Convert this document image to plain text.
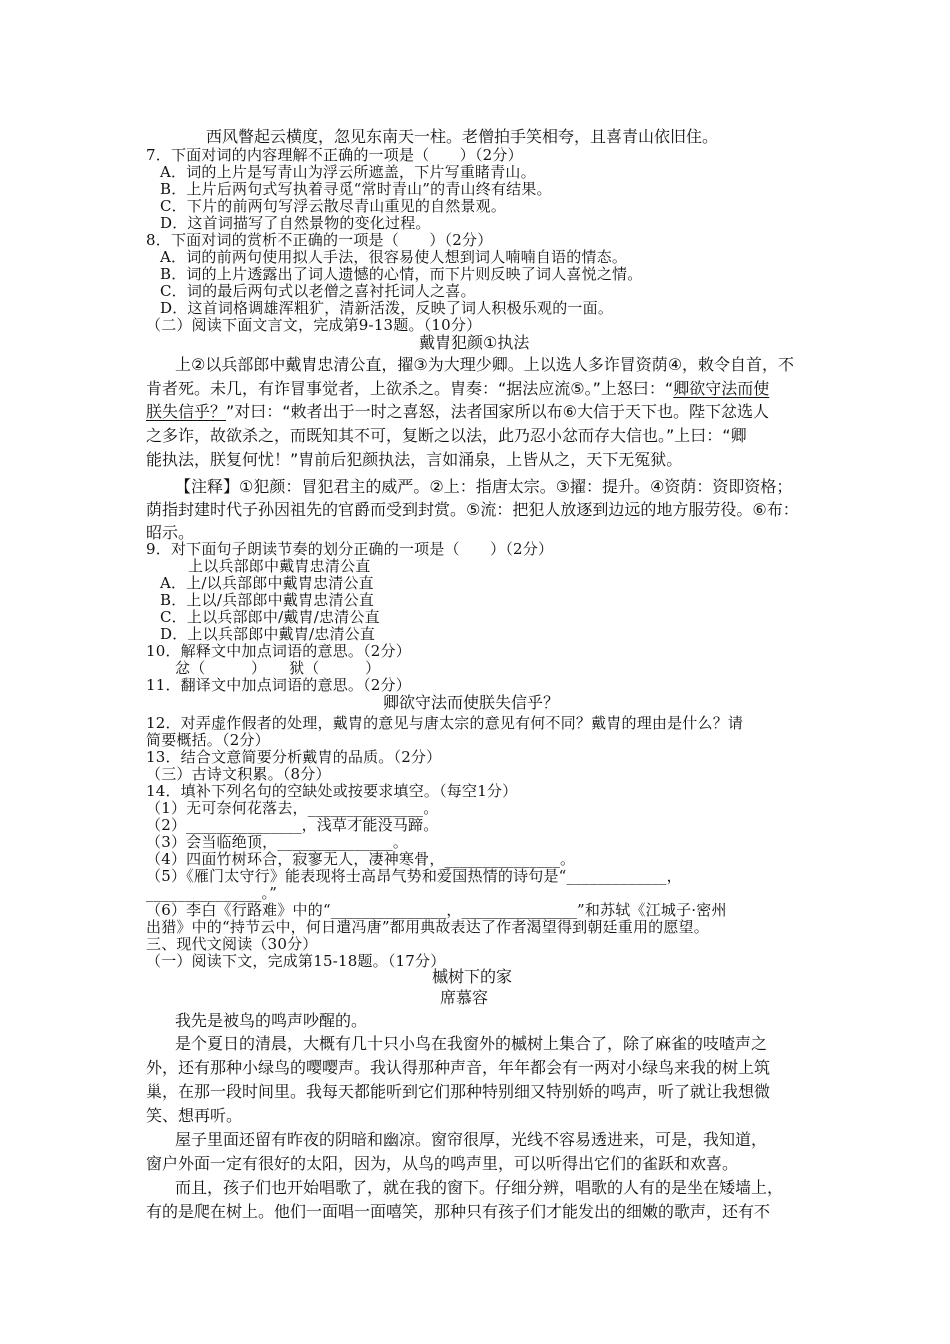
西风瞥起云横度，忽见东南天一柱。老僧拍手笑相夸，且喜青山依旧住。
7．下面对词的内容理解不正确的一项是（　　）（2分）
A．词的上片是写青山为浮云所遮盖，下片写重睹青山。
B．上片后两句式写执着寻觅“常时青山”的青山终有结果。
C．下片的前两句写浮云散尽青山重见的自然景观。
D．这首词描写了自然景物的变化过程。
8．下面对词的赏析不正确的一项是（　　）（2分）
A．词的前两句使用拟人手法，很容易使人想到词人喃喃自语的情态。
B．词的上片透露出了词人遗憾的心情，而下片则反映了词人喜悦之情。
C．词的最后两句式以老僧之喜衬托词人之喜。
D．这首词格调雄浑粗犷，清新活泼，反映了词人积极乐观的一面。
（二）阅读下面文言文，完成第9-13题。（10分）
戴胄犯颜①执法
上②以兵部郎中戴胄忠清公直，擢③为大理少卿。上以选人多诈冒资荫④，敕令自首，不
肯者死。未几，有诈冒事觉者，上欲杀之。胄奏：“据法应流⑤。”上怒曰：“卿欲守法而使
朕失信乎？”对曰：“敕者出于一时之喜怒，法者国家所以布⑥大信于天下也。陛下忿选人
之多诈，故欲杀之，而既知其不可，复断之以法，此乃忍小忿而存大信也。”上曰：“卿
能执法，朕复何忧！”胄前后犯颜执法，言如涌泉，上皆从之，天下无冤狱。
【注释】①犯颜：冒犯君主的威严。②上：指唐太宗。③擢：提升。④资荫：资即资格；
荫指封建时代子孙因祖先的官爵而受到封赏。⑤流：把犯人放逐到边远的地方服劳役。⑥布：
昭示。
9．对下面句子朗读节奏的划分正确的一项是（　　）（2分）
上以兵部郎中戴胄忠清公直
A．上/以兵部郎中戴胄忠清公直
B．上以/兵部郎中戴胄忠清公直
C．上以兵部郎中/戴胄/忠清公直
D．上以兵部郎中戴胄/忠清公直
10．解释文中加点词语的意思。（2分）
忿（　　　）　　狱（　　　）
11．翻译文中加点词语的意思。（2分）
卿欲守法而使朕失信乎？
12．对弄虚作假者的处理，戴胄的意见与唐太宗的意见有何不同？戴胄的理由是什么？请
简要概括。（2分）
13．结合文意简要分析戴胄的品质。（2分）
（三）古诗文积累。（8分）
14．填补下列名句的空缺处或按要求填空。（每空1分）
（1）无可奈何花落去，_______________。
（2）_______________，浅草才能没马蹄。
（3）会当临绝顶，_______________。
（4）四面竹树环合，寂寥无人，凄神寒骨，_______________。
（5）《雁门太守行》能表现将士高昂气势和爱国热情的诗句是“_____________，
_______________。”
（6）李白《行路难》中的“_______________，_______________”和苏轼《江城子·密州
出猎》中的“持节云中，何日遣冯唐”都用典故表达了作者渴望得到朝廷重用的愿望。
三、现代文阅读（30分）
（一）阅读下文，完成第15-18题。（17分）
槭树下的家
席慕容
我先是被鸟的鸣声吵醒的。
是个夏日的清晨，大概有几十只小鸟在我窗外的槭树上集合了，除了麻雀的吱喳声之
外，还有那种小绿鸟的嘤嘤声。我认得那种声音，年年都会有一两对小绿鸟来我的树上筑
巢，在那一段时间里。我每天都能听到它们那种特别细又特别娇的鸣声，听了就让我想微
笑、想再听。
屋子里面还留有昨夜的阴暗和幽凉。窗帘很厚，光线不容易透进来，可是，我知道，
窗户外面一定有很好的太阳，因为，从鸟的鸣声里，可以听得出它们的雀跃和欢喜。
而且，孩子们也开始唱歌了，就在我的窗下。仔细分辨，唱歌的人有的是坐在矮墙上，
有的是爬在树上。他们一面唱一面嘻笑，那种只有孩子们才能发出的细嫩的歌声，还有不
